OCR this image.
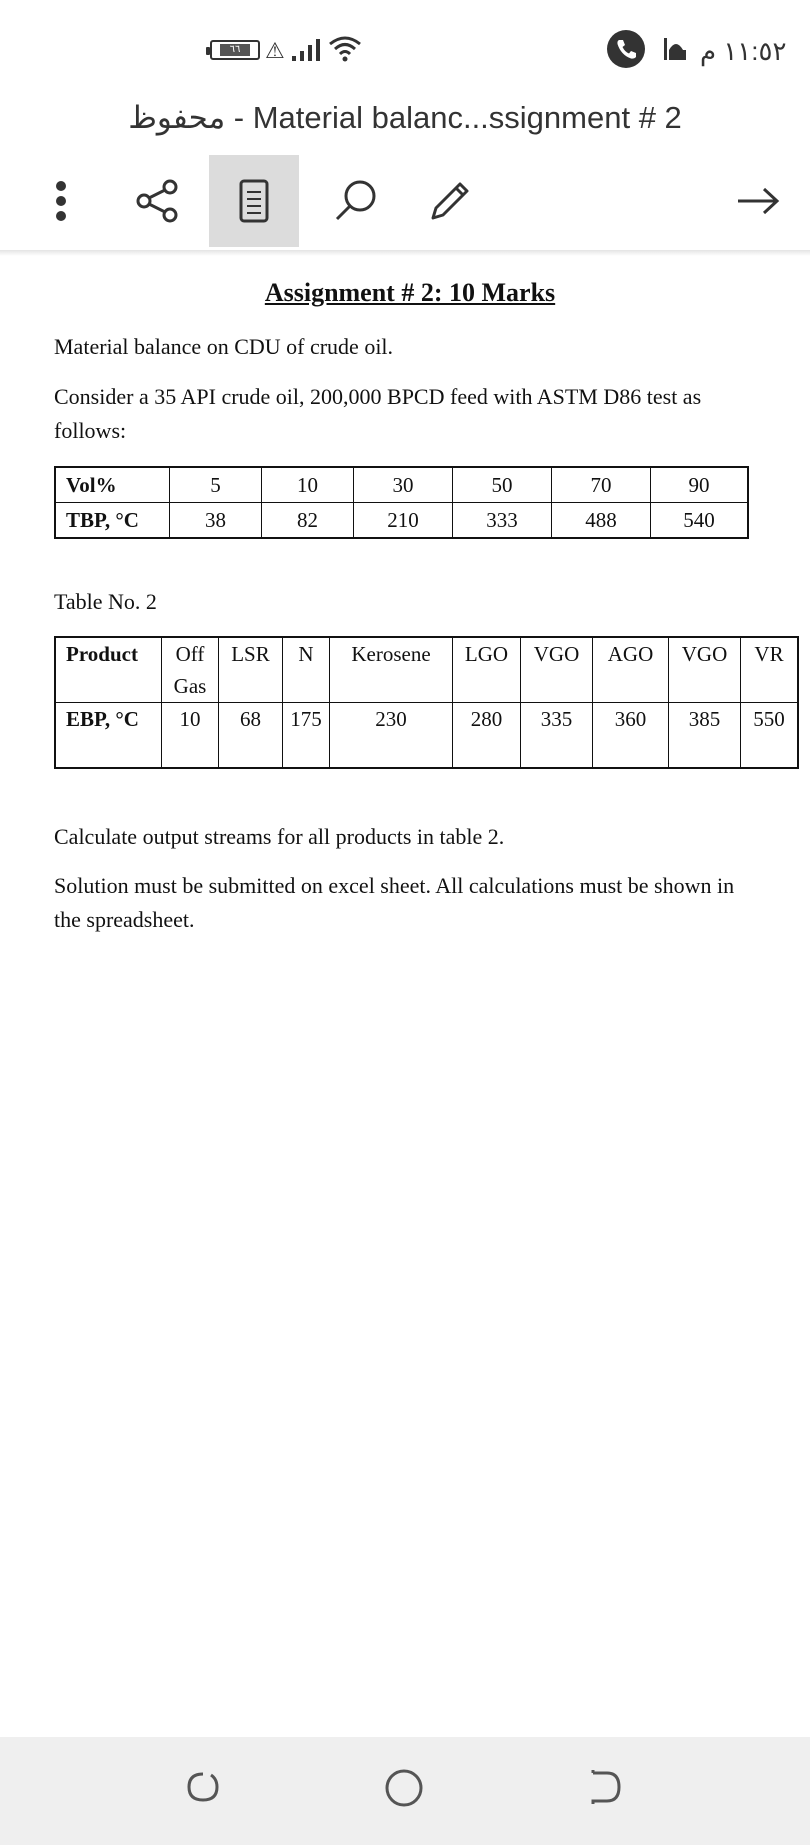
٦٦	⚠	١١:٥٢ م
محفوظ - Material balanc...ssignment # 2
Assignment # 2: 10 Marks
Material balance on CDU of crude oil.
Consider a 35 API crude oil, 200,000 BPCD feed with ASTM D86 test as follows:
Vol%	5	10	30	50	70	90
TBP, °C	38	82	210	333	488	540
Table No. 2
Product	Off Gas	LSR	N	Kerosene	LGO	VGO	AGO	VGO	VR
EBP, °C	10	68	175	230	280	335	360	385	550
Calculate output streams for all products in table 2.
Solution must be submitted on excel sheet. All calculations must be shown in the spreadsheet.
